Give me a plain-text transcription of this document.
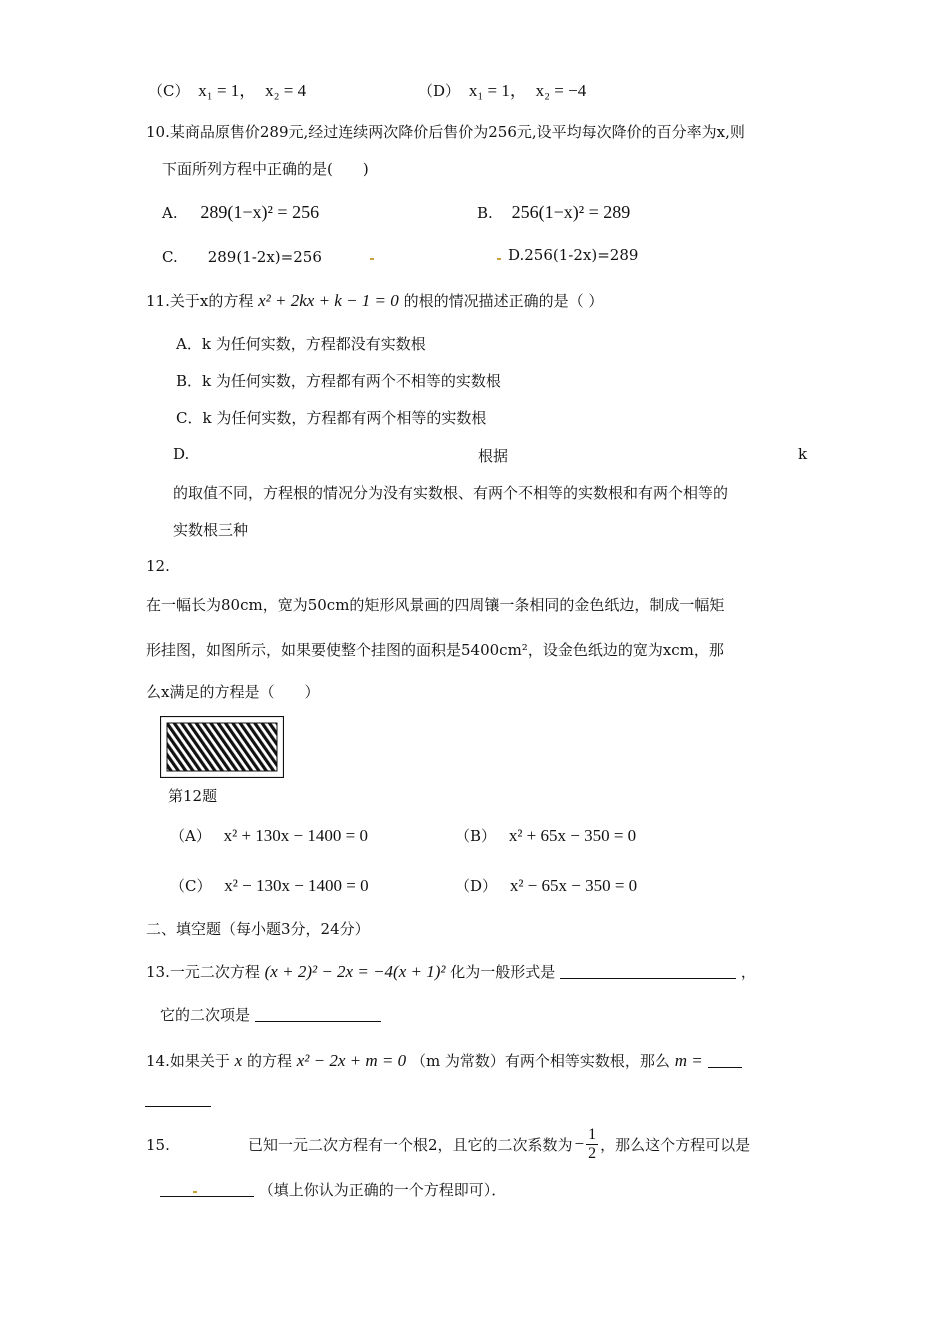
（C） x₁ = 1， x₂ = 4	（D） x₁ = 1， x₂ = −4
10.某商品原售价289元,经过连续两次降价后售价为256元,设平均每次降价的百分率为x,则
下面所列方程中正确的是(　　)
A. 289(1−x)² = 256	B. 256(1−x)² = 289
C.　　289(1-2x)=256	D.256(1-2x)=289
11.关于x的方程 x² + 2kx + k − 1 = 0 的根的情况描述正确的是（ ）
A．k 为任何实数，方程都没有实数根
B．k 为任何实数，方程都有两个不相等的实数根
C．k 为任何实数，方程都有两个相等的实数根
D.	根据	k
的取值不同，方程根的情况分为没有实数根、有两个不相等的实数根和有两个相等的
实数根三种
12.
在一幅长为80cm，宽为50cm的矩形风景画的四周镶一条相同的金色纸边，制成一幅矩
形挂图，如图所示，如果要使整个挂图的面积是5400cm²，设金色纸边的宽为xcm，那
么x满足的方程是（　　）
第12题
（A） x² + 130x − 1400 = 0	（B） x² + 65x − 350 = 0
（C） x² − 130x − 1400 = 0	（D） x² − 65x − 350 = 0
二、填空题（每小题3分，24分）
13.一元二次方程 (x + 2)² − 2x = −4(x + 1)² 化为一般形式是	，
它的二次项是
14.如果关于 x 的方程 x² − 2x + m = 0 （m 为常数）有两个相等实数根，那么 m =
15.	已知一元二次方程有一个根2，且它的二次系数为 − $\frac{1}{2}$ ，那么这个方程可以是
（填上你认为正确的一个方程即可）．
